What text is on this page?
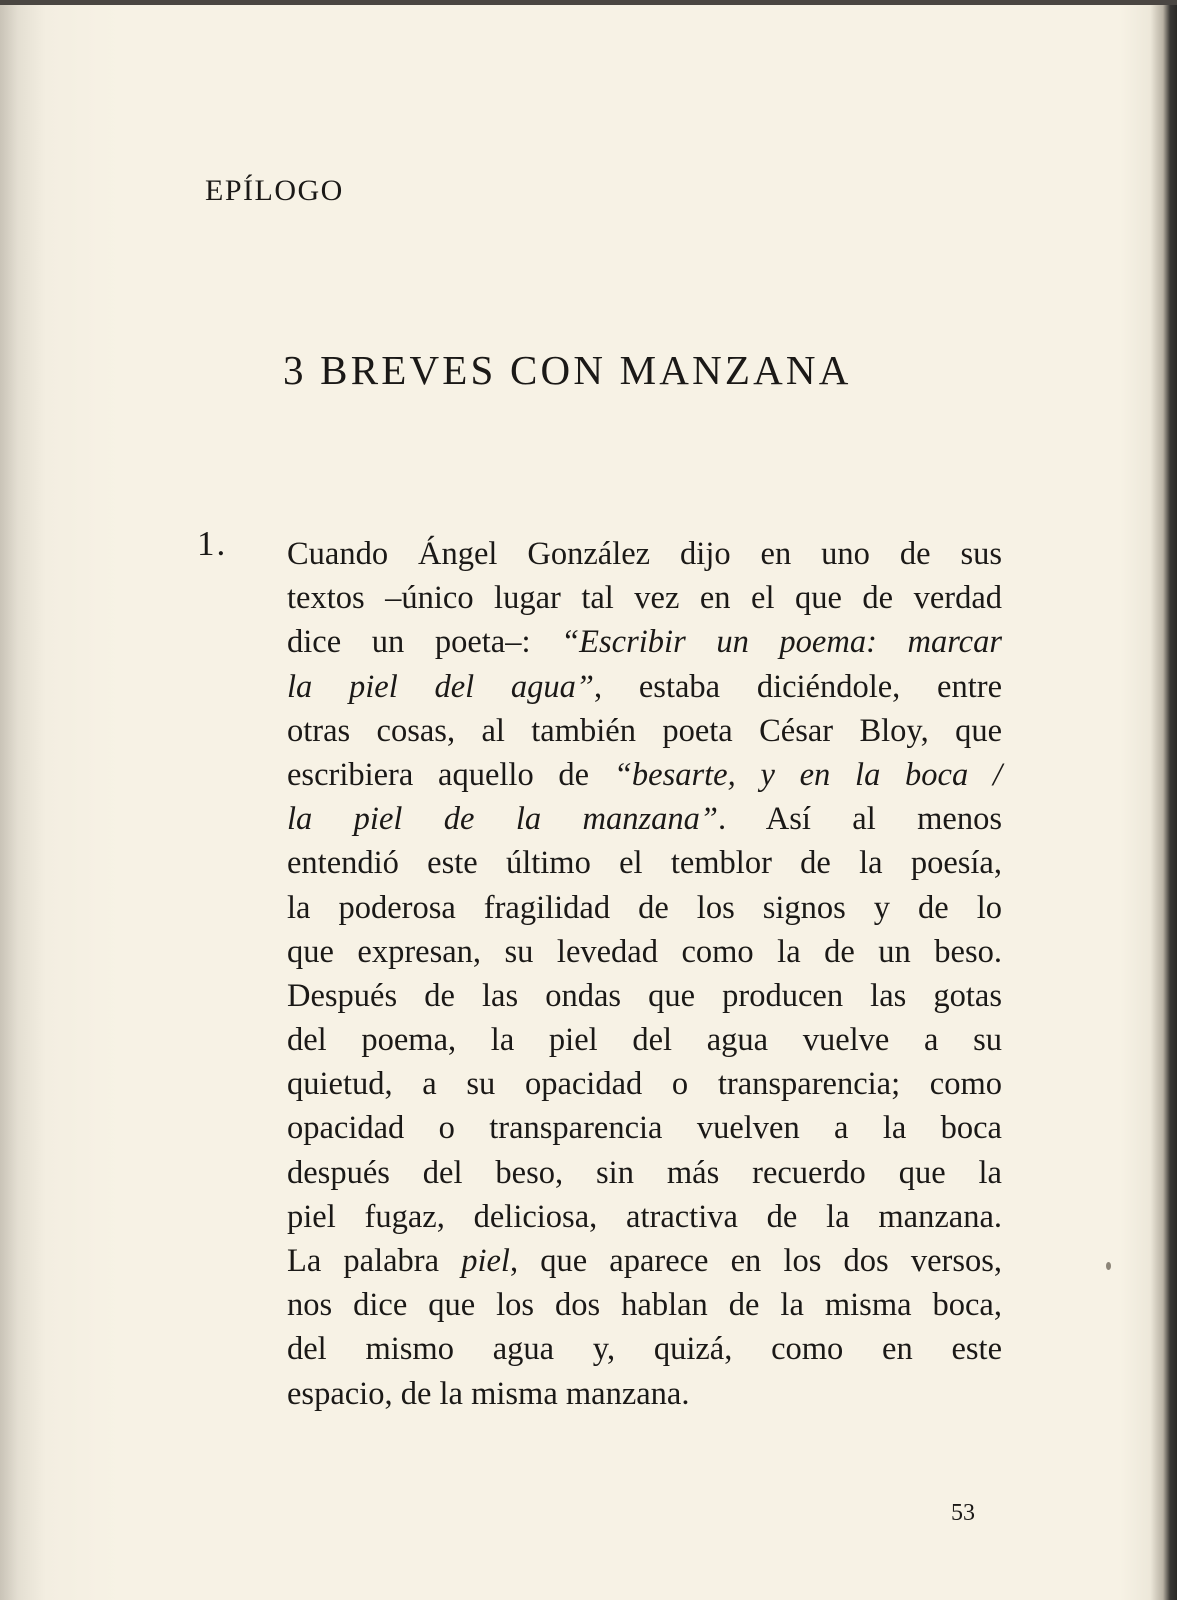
EPÍLOGO
3 BREVES CON MANZANA
1. Cuando Ángel González dijo en uno de sus
textos –único lugar tal vez en el que de verdad
dice un poeta–: “Escribir un poema: marcar
la piel del agua”, estaba diciéndole, entre
otras cosas, al también poeta César Bloy, que
escribiera aquello de “besarte, y en la boca /
la piel de la manzana”. Así al menos
entendió este último el temblor de la poesía,
la poderosa fragilidad de los signos y de lo
que expresan, su levedad como la de un beso.
Después de las ondas que producen las gotas
del poema, la piel del agua vuelve a su
quietud, a su opacidad o transparencia; como
opacidad o transparencia vuelven a la boca
después del beso, sin más recuerdo que la
piel fugaz, deliciosa, atractiva de la manzana.
La palabra piel, que aparece en los dos versos,
nos dice que los dos hablan de la misma boca,
del mismo agua y, quizá, como en este
espacio, de la misma manzana.
53
